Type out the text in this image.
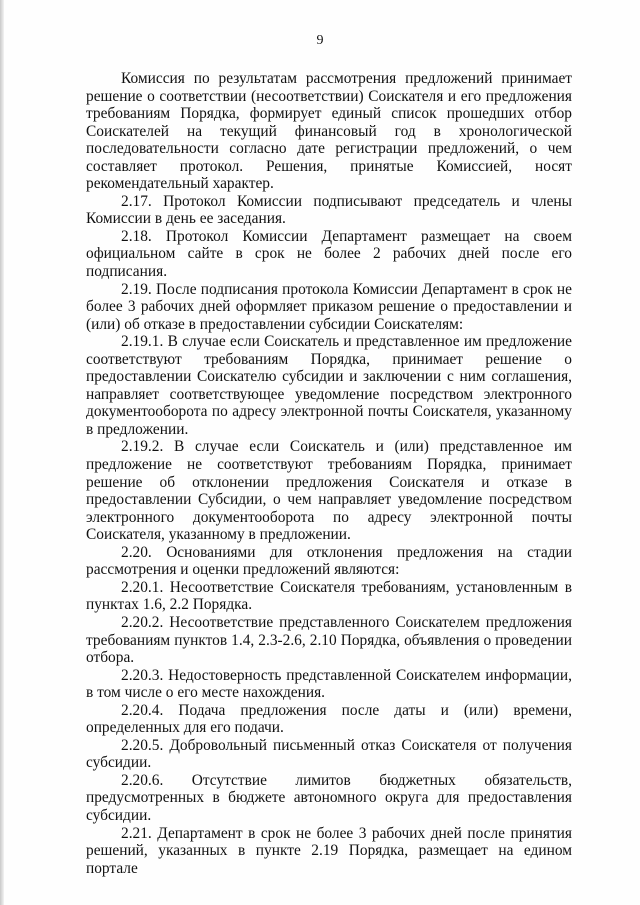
9

Комиссия по результатам рассмотрения предложений принимает решение о соответствии (несоответствии) Соискателя и его предложения требованиям Порядка, формирует единый список прошедших отбор Соискателей на текущий финансовый год в хронологической последовательности согласно дате регистрации предложений, о чем составляет протокол. Решения, принятые Комиссией, носят рекомендательный характер.

2.17. Протокол Комиссии подписывают председатель и члены Комиссии в день ее заседания.

2.18. Протокол Комиссии Департамент размещает на своем официальном сайте в срок не более 2 рабочих дней после его подписания.

2.19. После подписания протокола Комиссии Департамент в срок не более 3 рабочих дней оформляет приказом решение о предоставлении и (или) об отказе в предоставлении субсидии Соискателям:

2.19.1. В случае если Соискатель и представленное им предложение соответствуют требованиям Порядка, принимает решение о предоставлении Соискателю субсидии и заключении с ним соглашения, направляет соответствующее уведомление посредством электронного документооборота по адресу электронной почты Соискателя, указанному в предложении.

2.19.2. В случае если Соискатель и (или) представленное им предложение не соответствуют требованиям Порядка, принимает решение об отклонении предложения Соискателя и отказе в предоставлении Субсидии, о чем направляет уведомление посредством электронного документооборота по адресу электронной почты Соискателя, указанному в предложении.

2.20. Основаниями для отклонения предложения на стадии рассмотрения и оценки предложений являются:

2.20.1. Несоответствие Соискателя требованиям, установленным в пунктах 1.6, 2.2 Порядка.

2.20.2. Несоответствие представленного Соискателем предложения требованиям пунктов 1.4, 2.3-2.6, 2.10 Порядка, объявления о проведении отбора.

2.20.3. Недостоверность представленной Соискателем информации, в том числе о его месте нахождения.

2.20.4. Подача предложения после даты и (или) времени, определенных для его подачи.

2.20.5. Добровольный письменный отказ Соискателя от получения субсидии.

2.20.6. Отсутствие лимитов бюджетных обязательств, предусмотренных в бюджете автономного округа для предоставления субсидии.

2.21. Департамент в срок не более 3 рабочих дней после принятия решений, указанных в пункте 2.19 Порядка, размещает на едином портале
